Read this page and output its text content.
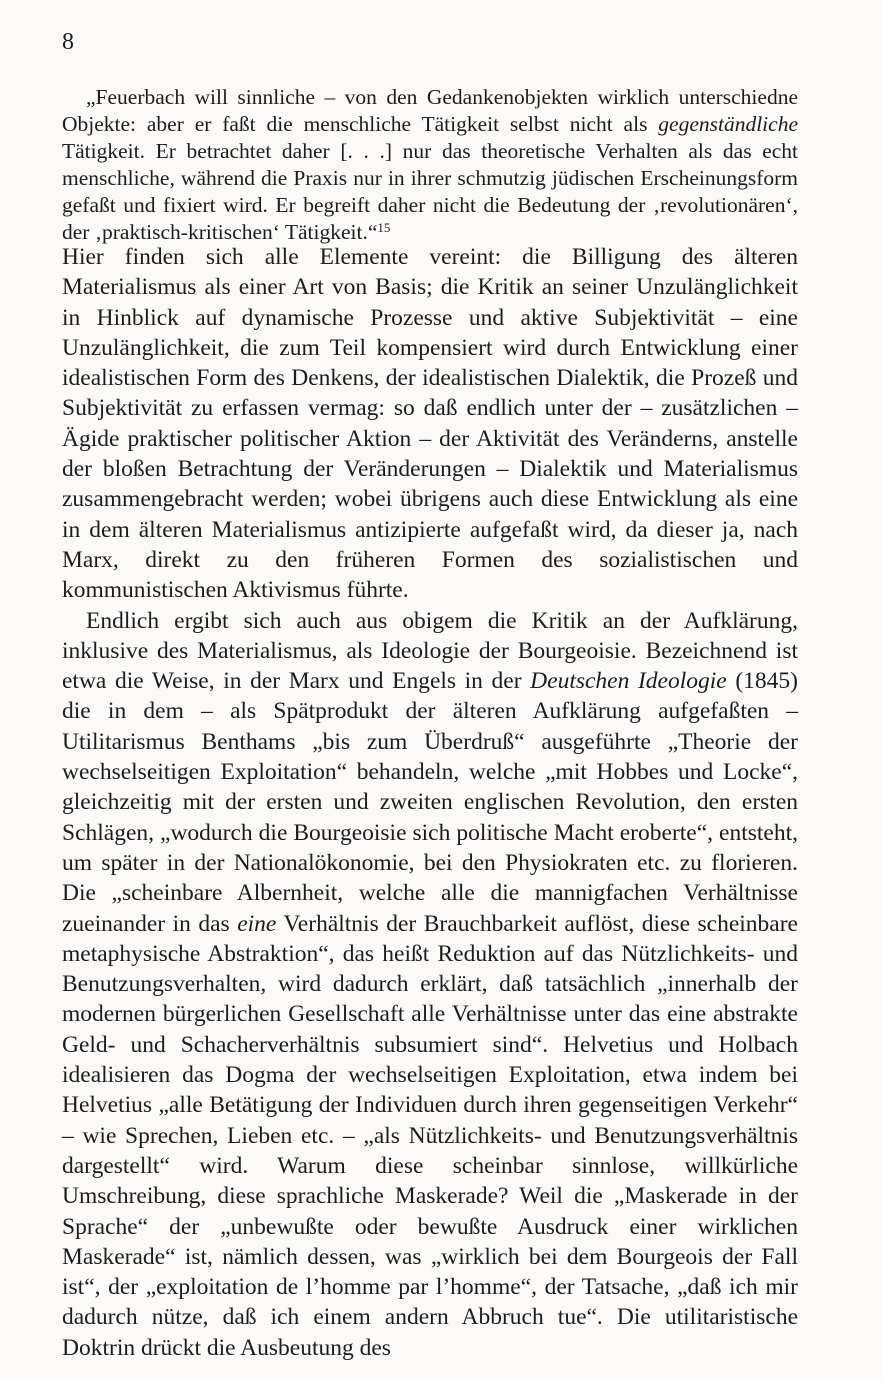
8

„Feuerbach will sinnliche – von den Gedankenobjekten wirklich unterschiedne Objekte: aber er faßt die menschliche Tätigkeit selbst nicht als gegenständliche Tätigkeit. Er betrachtet daher [. . .] nur das theoretische Verhalten als das echt menschliche, während die Praxis nur in ihrer schmutzig jüdischen Erscheinungsform gefaßt und fixiert wird. Er begreift daher nicht die Bedeutung der ‚revolutionären‘, der ‚praktisch-kritischen‘ Tätigkeit.“$^{15}$

Hier finden sich alle Elemente vereint: die Billigung des älteren Materialismus als einer Art von Basis; die Kritik an seiner Unzulänglichkeit in Hinblick auf dynamische Prozesse und aktive Subjektivität – eine Unzulänglichkeit, die zum Teil kompensiert wird durch Entwicklung einer idealistischen Form des Denkens, der idealistischen Dialektik, die Prozeß und Subjektivität zu erfassen vermag: so daß endlich unter der – zusätzlichen – Ägide praktischer politischer Aktion – der Aktivität des Veränderns, anstelle der bloßen Betrachtung der Veränderungen – Dialektik und Materialismus zusammengebracht werden; wobei übrigens auch diese Entwicklung als eine in dem älteren Materialismus antizipierte aufgefaßt wird, da dieser ja, nach Marx, direkt zu den früheren Formen des sozialistischen und kommunistischen Aktivismus führte.

Endlich ergibt sich auch aus obigem die Kritik an der Aufklärung, inklusive des Materialismus, als Ideologie der Bourgeoisie. Bezeichnend ist etwa die Weise, in der Marx und Engels in der Deutschen Ideologie (1845) die in dem – als Spätprodukt der älteren Aufklärung aufgefaßten – Utilitarismus Benthams „bis zum Überdruß“ ausgeführte „Theorie der wechselseitigen Exploitation“ behandeln, welche „mit Hobbes und Locke“, gleichzeitig mit der ersten und zweiten englischen Revolution, den ersten Schlägen, „wodurch die Bourgeoisie sich politische Macht eroberte“, entsteht, um später in der Nationalökonomie, bei den Physiokraten etc. zu florieren. Die „scheinbare Albernheit, welche alle die mannigfachen Verhältnisse zueinander in das eine Verhältnis der Brauchbarkeit auflöst, diese scheinbare metaphysische Abstraktion“, das heißt Reduktion auf das Nützlichkeits- und Benutzungsverhalten, wird dadurch erklärt, daß tatsächlich „innerhalb der modernen bürgerlichen Gesellschaft alle Verhältnisse unter das eine abstrakte Geld- und Schacherverhältnis subsumiert sind“. Helvetius und Holbach idealisieren das Dogma der wechselseitigen Exploitation, etwa indem bei Helvetius „alle Betätigung der Individuen durch ihren gegenseitigen Verkehr“ – wie Sprechen, Lieben etc. – „als Nützlichkeits- und Benutzungsverhältnis dargestellt“ wird. Warum diese scheinbar sinnlose, willkürliche Umschreibung, diese sprachliche Maskerade? Weil die „Maskerade in der Sprache“ der „unbewußte oder bewußte Ausdruck einer wirklichen Maskerade“ ist, nämlich dessen, was „wirklich bei dem Bourgeois der Fall ist“, der „exploitation de l’homme par l’homme“, der Tatsache, „daß ich mir dadurch nütze, daß ich einem andern Abbruch tue“. Die utilitaristische Doktrin drückt die Ausbeutung des
